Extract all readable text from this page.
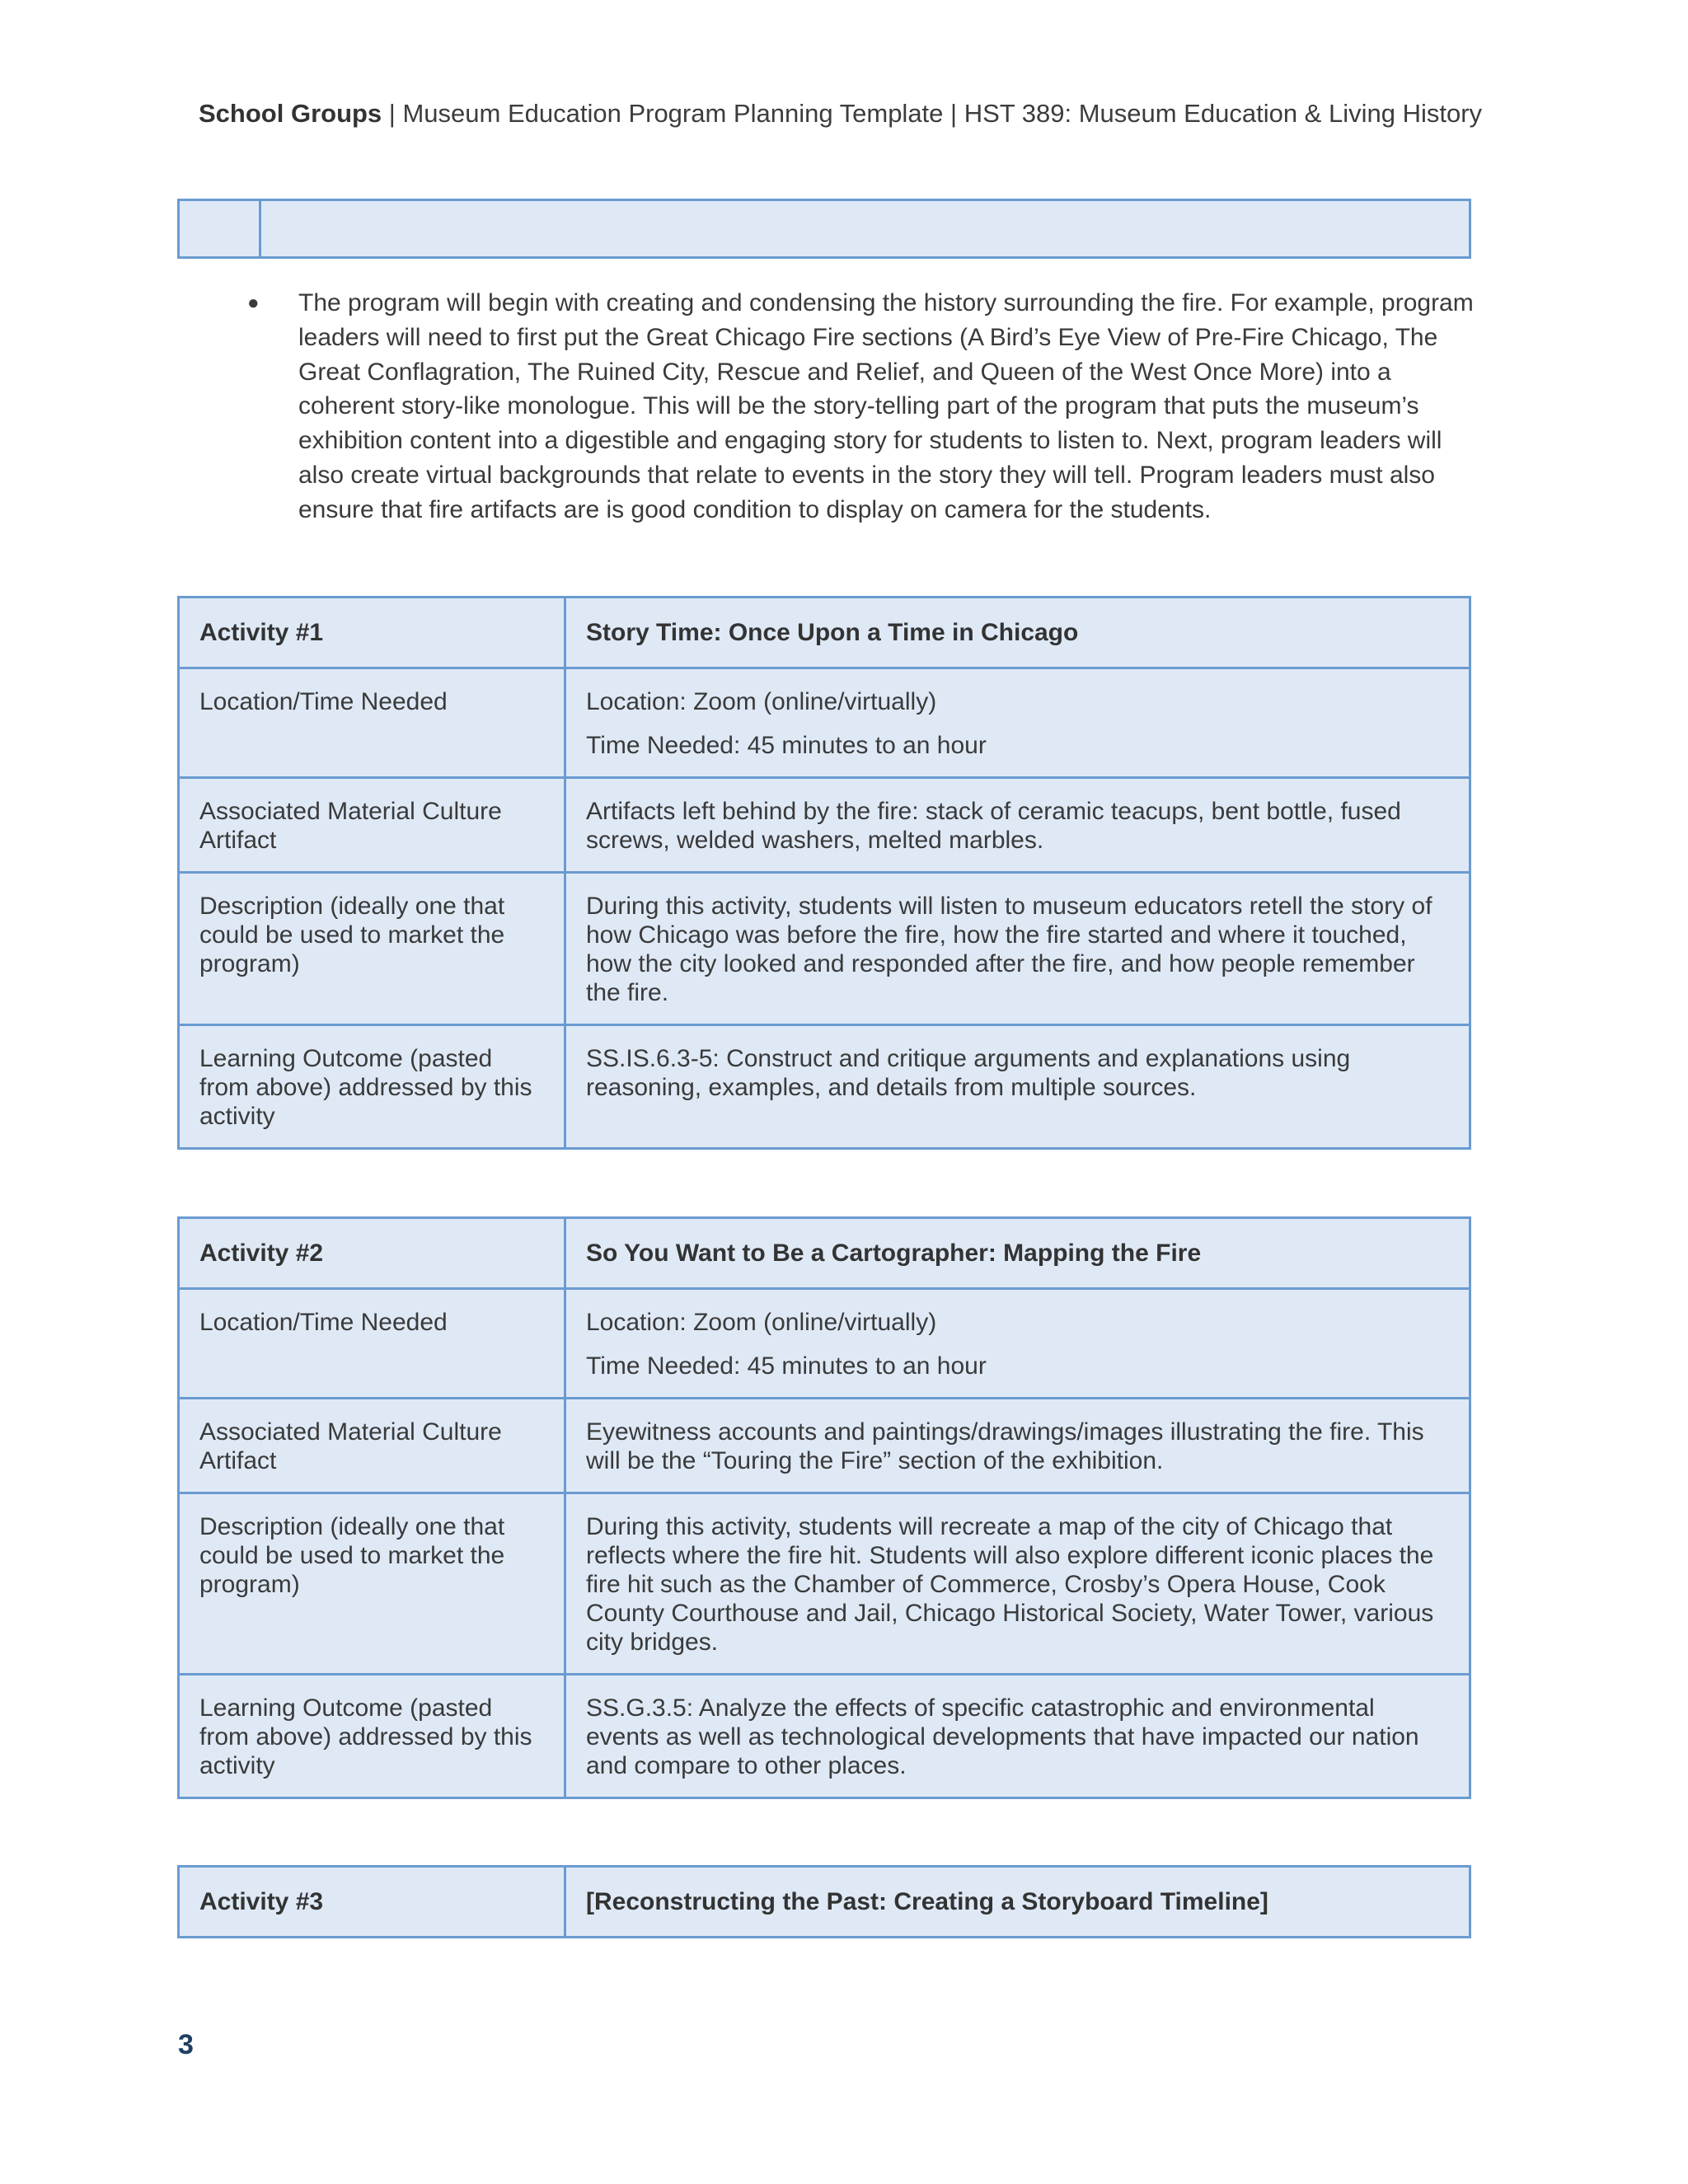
School Groups | Museum Education Program Planning Template | HST 389: Museum Education & Living History
● The program will begin with creating and condensing the history surrounding the fire. For example, program leaders will need to first put the Great Chicago Fire sections (A Bird’s Eye View of Pre-Fire Chicago, The Great Conflagration, The Ruined City, Rescue and Relief, and Queen of the West Once More) into a coherent story-like monologue. This will be the story-telling part of the program that puts the museum’s exhibition content into a digestible and engaging story for students to listen to. Next, program leaders will also create virtual backgrounds that relate to events in the story they will tell. Program leaders must also ensure that fire artifacts are is good condition to display on camera for the students.
Activity #1	Story Time: Once Upon a Time in Chicago
Location/Time Needed	Location: Zoom (online/virtually)
Time Needed: 45 minutes to an hour

Associated Material Culture Artifact	Artifacts left behind by the fire: stack of ceramic teacups, bent bottle, fused screws, welded washers, melted marbles.
Description (ideally one that could be used to market the program)	During this activity, students will listen to museum educators retell the story of how Chicago was before the fire, how the fire started and where it touched, how the city looked and responded after the fire, and how people remember the fire.
Learning Outcome (pasted from above) addressed by this activity	SS.IS.6.3-5: Construct and critique arguments and explanations using reasoning, examples, and details from multiple sources.
Activity #2	So You Want to Be a Cartographer: Mapping the Fire
Location/Time Needed	Location: Zoom (online/virtually)
Time Needed: 45 minutes to an hour

Associated Material Culture Artifact	Eyewitness accounts and paintings/drawings/images illustrating the fire. This will be the “Touring the Fire” section of the exhibition.
Description (ideally one that could be used to market the program)	During this activity, students will recreate a map of the city of Chicago that reflects where the fire hit. Students will also explore different iconic places the fire hit such as the Chamber of Commerce, Crosby’s Opera House, Cook County Courthouse and Jail, Chicago Historical Society, Water Tower, various city bridges.
Learning Outcome (pasted from above) addressed by this activity	SS.G.3.5: Analyze the effects of specific catastrophic and environmental events as well as technological developments that have impacted our nation and compare to other places.
Activity #3	[Reconstructing the Past: Creating a Storyboard Timeline]
3
